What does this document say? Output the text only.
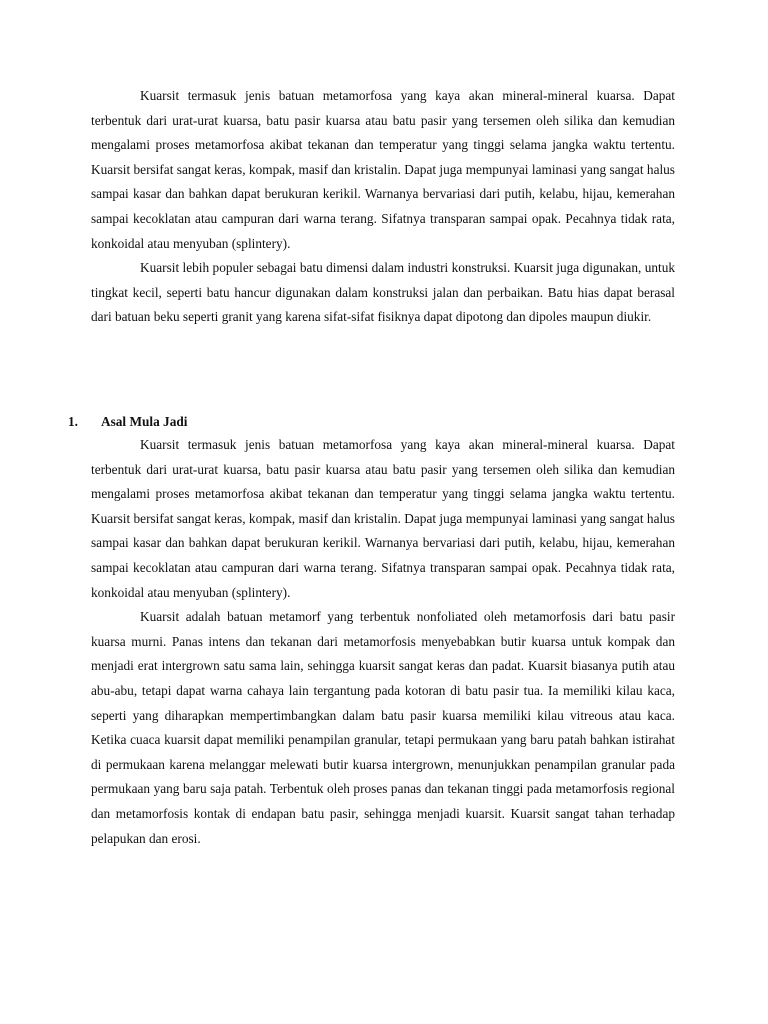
Kuarsit termasuk jenis batuan metamorfosa yang kaya akan mineral-mineral kuarsa. Dapat terbentuk dari urat-urat kuarsa, batu pasir kuarsa atau batu pasir yang tersemen oleh silika dan kemudian mengalami proses metamorfosa akibat tekanan dan temperatur yang tinggi selama jangka waktu tertentu. Kuarsit bersifat sangat keras, kompak, masif dan kristalin. Dapat juga mempunyai laminasi yang sangat halus sampai kasar dan bahkan dapat berukuran kerikil. Warnanya bervariasi dari putih, kelabu, hijau, kemerahan sampai kecoklatan atau campuran dari warna terang. Sifatnya transparan sampai opak. Pecahnya tidak rata, konkoidal atau menyuban (splintery).

Kuarsit lebih populer sebagai batu dimensi dalam industri konstruksi. Kuarsit juga digunakan, untuk tingkat kecil, seperti batu hancur digunakan dalam konstruksi jalan dan perbaikan. Batu hias dapat berasal dari batuan beku seperti granit yang karena sifat-sifat fisiknya dapat dipotong dan dipoles maupun diukir.

1. Asal Mula Jadi

Kuarsit termasuk jenis batuan metamorfosa yang kaya akan mineral-mineral kuarsa. Dapat terbentuk dari urat-urat kuarsa, batu pasir kuarsa atau batu pasir yang tersemen oleh silika dan kemudian mengalami proses metamorfosa akibat tekanan dan temperatur yang tinggi selama jangka waktu tertentu. Kuarsit bersifat sangat keras, kompak, masif dan kristalin. Dapat juga mempunyai laminasi yang sangat halus sampai kasar dan bahkan dapat berukuran kerikil. Warnanya bervariasi dari putih, kelabu, hijau, kemerahan sampai kecoklatan atau campuran dari warna terang. Sifatnya transparan sampai opak. Pecahnya tidak rata, konkoidal atau menyuban (splintery).

Kuarsit adalah batuan metamorf yang terbentuk nonfoliated oleh metamorfosis dari batu pasir kuarsa murni. Panas intens dan tekanan dari metamorfosis menyebabkan butir kuarsa untuk kompak dan menjadi erat intergrown satu sama lain, sehingga kuarsit sangat keras dan padat. Kuarsit biasanya putih atau abu-abu, tetapi dapat warna cahaya lain tergantung pada kotoran di batu pasir tua. Ia memiliki kilau kaca, seperti yang diharapkan mempertimbangkan dalam batu pasir kuarsa memiliki kilau vitreous atau kaca. Ketika cuaca kuarsit dapat memiliki penampilan granular, tetapi permukaan yang baru patah bahkan istirahat di permukaan karena melanggar melewati butir kuarsa intergrown, menunjukkan penampilan granular pada permukaan yang baru saja patah. Terbentuk oleh proses panas dan tekanan tinggi pada metamorfosis regional dan metamorfosis kontak di endapan batu pasir, sehingga menjadi kuarsit. Kuarsit sangat tahan terhadap pelapukan dan erosi.
